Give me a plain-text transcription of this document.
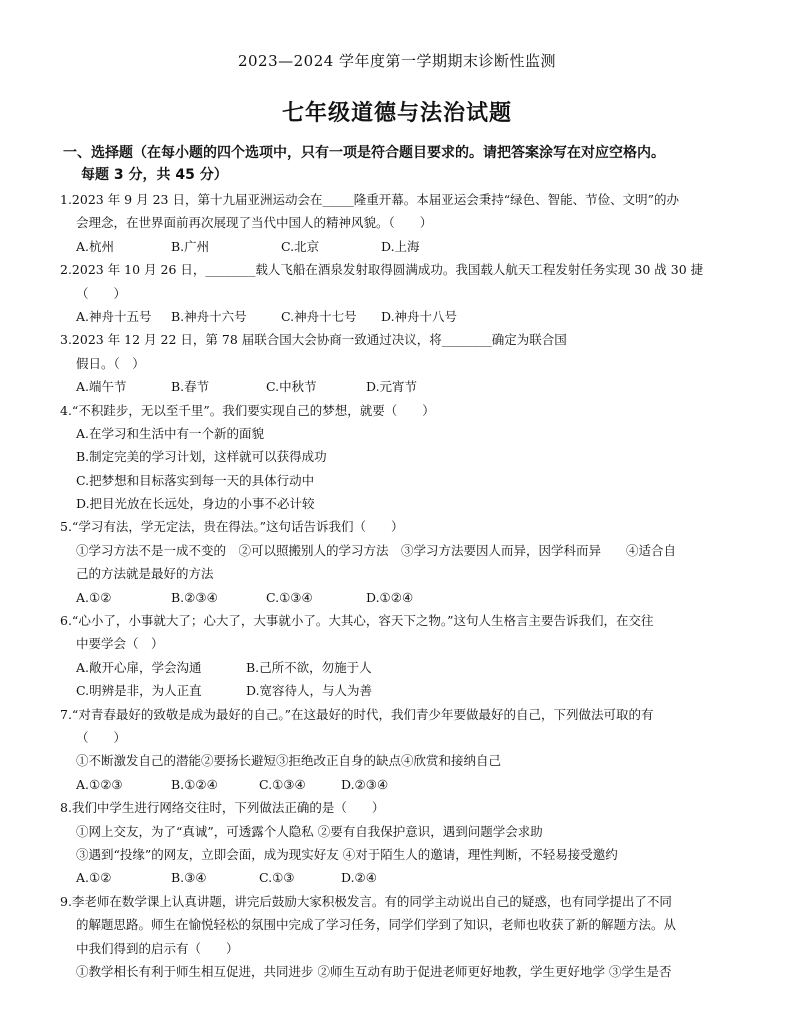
2023—2024 学年度第一学期期末诊断性监测
七年级道德与法治试题
一、选择题（在每小题的四个选项中，只有一项是符合题目要求的。请把答案涂写在对应空格内。
每题 3 分，共 45 分）
1.2023 年 9 月 23 日，第十九届亚洲运动会在_____隆重开幕。本届亚运会秉持“绿色、智能、节俭、文明”的办
会理念，在世界面前再次展现了当代中国人的精神风貌。（　　）
A.杭州	B.广州	C.北京	D.上海
2.2023 年 10 月 26 日，________载人飞船在酒泉发射取得圆满成功。我国载人航天工程发射任务实现 30 战 30 捷
（　　）
A.神舟十五号 B.神舟十六号	C.神舟十七号 D.神舟十八号
3.2023 年 12 月 22 日，第 78 届联合国大会协商一致通过决议，将________确定为联合国
假日。（　）
A.端午节	B.春节	C.中秋节	D.元宵节
4.“不积跬步，无以至千里”。我们要实现自己的梦想，就要（　　）
A.在学习和生活中有一个新的面貌
B.制定完美的学习计划，这样就可以获得成功
C.把梦想和目标落实到每一天的具体行动中
D.把目光放在长远处，身边的小事不必计较
5.“学习有法，学无定法，贵在得法。”这句话告诉我们（　　）
①学习方法不是一成不变的　②可以照搬别人的学习方法　③学习方法要因人而异，因学科而异　　④适合自
己的方法就是最好的方法
A.①②	B.②③④	C.①③④	D.①②④
6.“心小了，小事就大了；心大了，大事就小了。大其心，容天下之物。”这句人生格言主要告诉我们，在交往
中要学会（　）
A.敞开心扉，学会沟通	B.己所不欲，勿施于人
C.明辨是非，为人正直	D.宽容待人，与人为善
7.“对青春最好的致敬是成为最好的自己。”在这最好的时代，我们青少年要做最好的自己，下列做法可取的有
（　　）
①不断激发自己的潜能②要扬长避短③拒绝改正自身的缺点④欣赏和接纳自己
A.①②③	B.①②④	C.①③④	D.②③④
8.我们中学生进行网络交往时，下列做法正确的是（　　）
①网上交友，为了“真诚”，可透露个人隐私 ②要有自我保护意识，遇到问题学会求助
③遇到“投缘”的网友，立即会面，成为现实好友 ④对于陌生人的邀请，理性判断，不轻易接受邀约
A.①②	B.③④	C.①③	D.②④
9.李老师在数学课上认真讲题，讲完后鼓励大家积极发言。有的同学主动说出自己的疑惑，也有同学提出了不同
的解题思路。师生在愉悦轻松的氛围中完成了学习任务，同学们学到了知识，老师也收获了新的解题方法。从
中我们得到的启示有（　　）
①教学相长有利于师生相互促进，共同进步 ②师生互动有助于促进老师更好地教，学生更好地学 ③学生是否
